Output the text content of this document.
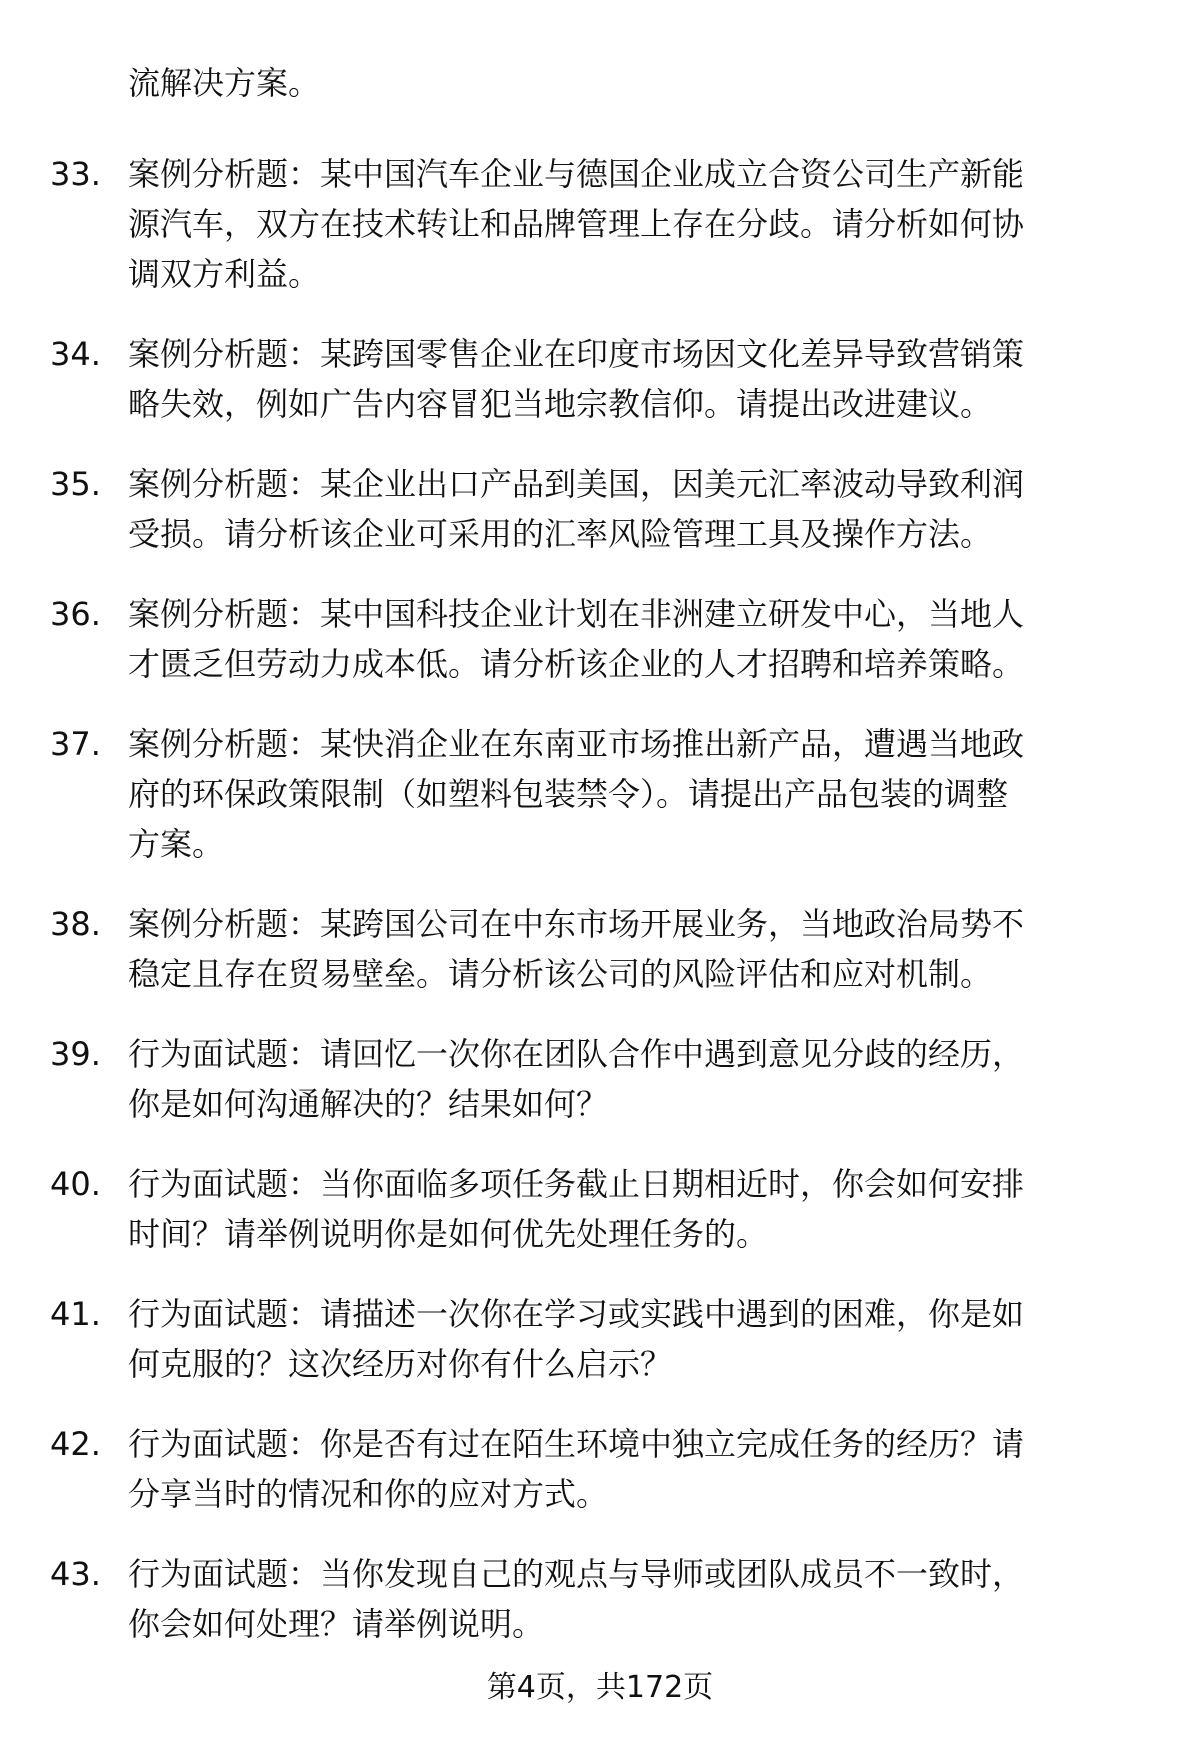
流解决方案。

33. 案例分析题：某中国汽车企业与德国企业成立合资公司生产新能
源汽车，双方在技术转让和品牌管理上存在分歧。请分析如何协
调双方利益。
34. 案例分析题：某跨国零售企业在印度市场因文化差异导致营销策
略失效，例如广告内容冒犯当地宗教信仰。请提出改进建议。
35. 案例分析题：某企业出口产品到美国，因美元汇率波动导致利润
受损。请分析该企业可采用的汇率风险管理工具及操作方法。
36. 案例分析题：某中国科技企业计划在非洲建立研发中心，当地人
才匮乏但劳动力成本低。请分析该企业的人才招聘和培养策略。
37. 案例分析题：某快消企业在东南亚市场推出新产品，遭遇当地政
府的环保政策限制（如塑料包装禁令）。请提出产品包装的调整
方案。
38. 案例分析题：某跨国公司在中东市场开展业务，当地政治局势不
稳定且存在贸易壁垒。请分析该公司的风险评估和应对机制。
39. 行为面试题：请回忆一次你在团队合作中遇到意见分歧的经历，
你是如何沟通解决的？结果如何？
40. 行为面试题：当你面临多项任务截止日期相近时，你会如何安排
时间？请举例说明你是如何优先处理任务的。
41. 行为面试题：请描述一次你在学习或实践中遇到的困难，你是如
何克服的？这次经历对你有什么启示？
42. 行为面试题：你是否有过在陌生环境中独立完成任务的经历？请
分享当时的情况和你的应对方式。
43. 行为面试题：当你发现自己的观点与导师或团队成员不一致时，
你会如何处理？请举例说明。
第4页，共172页
